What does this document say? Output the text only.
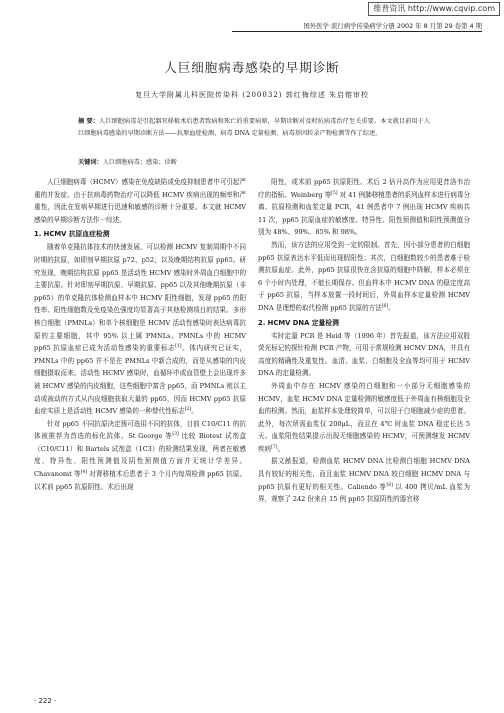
维普资讯 http://www.cqvip.com
国外医学·流行病学传染病学分册 2002 年 8 月第 29 卷第 4 期
人巨细胞病毒感染的早期诊断
复旦大学附属儿科医院传染科 (200032) 郭红梅综述 朱启镕审校
摘 要：人巨细胞病毒是引起器官移植术后患者致病和死亡的重要病原，早期诊断对及时抗病毒治疗至关重要。本文就目前用于人巨细胞病毒感染的早期诊断方法——抗原血症检测、病毒 DNA 定量检测、病毒基因转录产物检测等作了综述。
关键词：人巨细胞病毒；感染；诊断

人巨细胞病毒（HCMV）感染在免疫缺陷或免疫抑制患者中可引起严重的并发症。由于抗病毒药物治疗可以降低 HCMV 疾病出现的频率和严重性，因此在发病早期进行迅速和敏感的诊断十分重要。本文就 HCMV 感染的早期诊断方法作一综述。

1. HCMV 抗原血症检测

随着单克隆抗体技术的快速发展，可以检测 HCMV 复制周期中不同时期的抗原，如即刻早期抗原 p72、p52，以及晚期结构抗原 pp65。研究发现，晚期结构抗原 pp65 是活动性 HCMV 感染时外周血白细胞中的主要抗原。针对即刻早期抗原、早期抗原、pp65 以及其他晚期抗原（非 pp65）的单克隆抗体检测血样本中 HCMV 阳性细胞，发现 pp65 的阳性率、阳性细胞数及免疫染色强度均显著高于其他检测项目的结果。多形核白细胞（PMNLs）和单个核细胞是 HCMV 活动性感染时表达病毒抗原的主要细胞，其中 95% 以上属 PMNLs。PMNLs 中的 HCMV pp65 抗原血症已成为活动性感染的重要标志[1]。体内研究已证实，PMNLs 中的 pp65 并不是在 PMNLs 中新合成的，而是从感染的内皮细胞摄取而来。活动性 HCMV 感染时，血循环中或血管壁上会出现许多被 HCMV 感染的内皮细胞，这些细胞中富含 pp65，而 PMNLs 则以主动或被动的方式从内皮细胞获取大量的 pp65，因而 HCMV pp65 抗原血症实质上是活动性 HCMV 感染的一种替代性标志[2]。

针对 pp65 不同抗原决定簇可选用不同的抗体，目前 C10/C11 的抗体被推荐为首选的标化抗体。St George 等[3] 比较 Biotest 试剂盒（C10/C11）和 Bartels 试剂盒（1C3）的检测结果发现，两者在敏感度、特异性、阳性预测值及阴性预测值方面并无统计学差异。Chavanomt 等[4] 对肾移植术后患者于 3 个月内每周检测 pp65 抗原。以术前 pp65 抗原阴性、术后出现

阳性，或术前 pp65 抗原阳性、术后 2 倍升高作为应用更昔洛韦治疗的指标。Weinberg 等[5] 对 41 例肺移植患者的系列血样本进行病毒分离、抗原检测和血浆定量 PCR，41 例患者中 7 例出现 HCMV 疾病共 11 次，pp65 抗原血症的敏感度、特异性、阳性预测值和阴性预测值分别为 48%、99%、85% 和 98%。

然而，该方法的应用受到一定的限制。首先，因小部分患者的白细胞 pp65 抗原表达水平低而出现假阳性；其次，白细胞数较少的患者难于检测抗原血症。此外，pp65 抗原很快在含抗原的细胞中降解，样本必须在 6 个小时内处理，不能长期保存。但血样本中 HCMV DNA 的稳定度高于 pp65 抗原，当样本放置一段时间后，外周血样本定量检测 HCMV DNA 是理想的取代检测 pp65 抗原的方法[6]。

2. HCMV DNA 定量检测

实时定量 PCR 是 Heid 等（1996 年）首先报道，该方法应用双股荧光标记的探针检测 PCR 产物，可用于常规检测 HCMV DNA，并具有高度的精确性及重复性。血清、血浆、白细胞及全血等均可用于 HCMV DNA 的定量检测。

外周血中存在 HCMV 感染的白细胞和一小部分无细胞感染的 HCMV，血浆 HCMV DNA 定量检测的敏感度低于外周血有核细胞及全血的检测。然而，血浆样本处理较简单，可以用于白细胞减少症的患者。此外，每次所需血浆仅 200μL，而且在 4℃ 时血浆 DNA 稳定长达 5 天。血浆阳性结果提示出现无细胞感染的 HCMV，可预测继发 HCMV 疾病[7]。

据文献报道，检测血浆 HCMV DNA 比检测白细胞 HCMV DNA 具有较好的相关性，而且血浆 HCMV DNA 较白细胞 HCMV DNA 与 pp65 抗原有更好的相关性。Caliendo 等[8] 以 400 拷贝/mL 血浆为界，观察了 242 份来自 15 例 pp65 抗原阴性的器官移

· 222 ·
